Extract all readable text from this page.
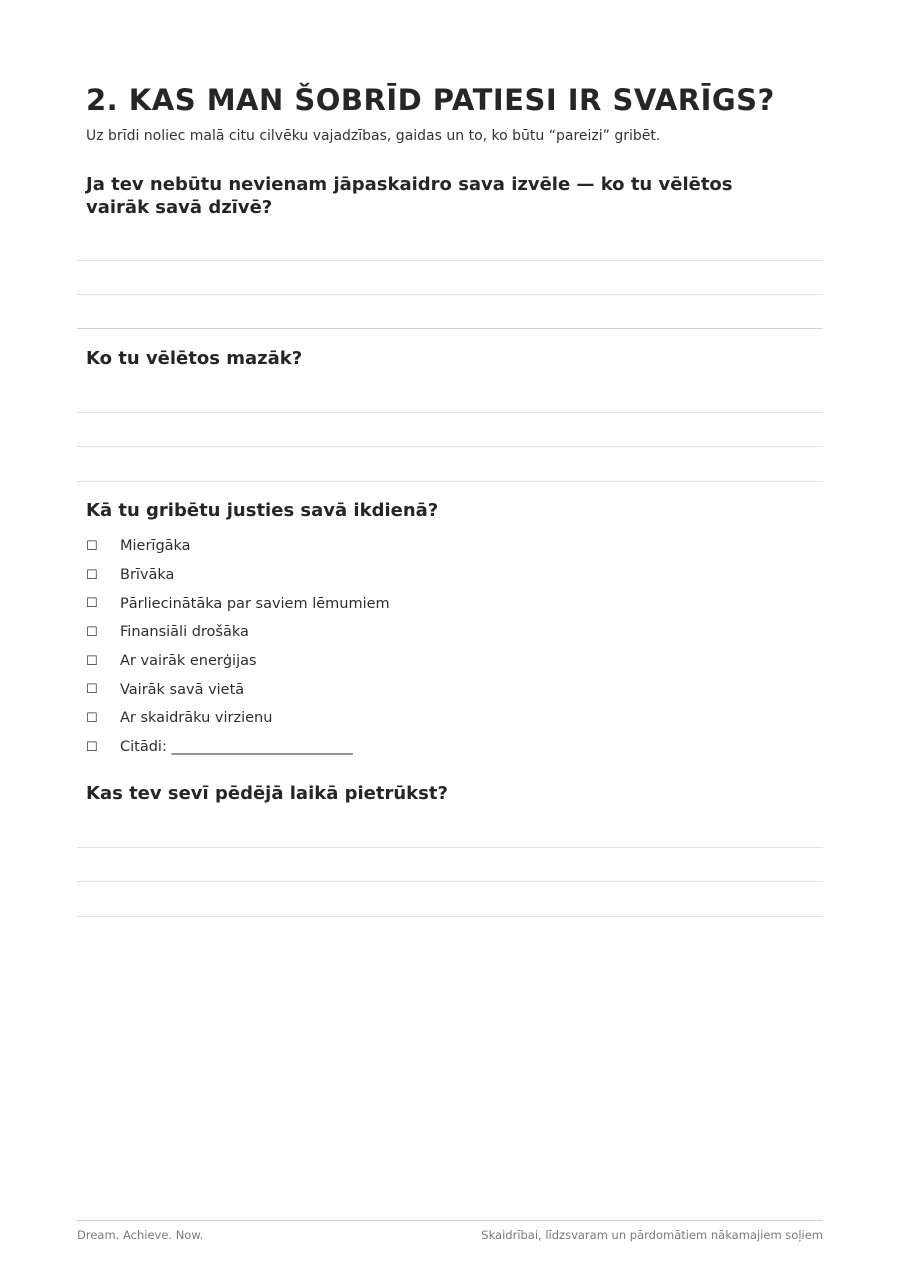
2. KAS MAN ŠOBRĪD PATIESI IR SVARĪGS?

Uz brīdi noliec malā citu cilvēku vajadzības, gaidas un to, ko būtu “pareizi” gribēt.

Ja tev nebūtu nevienam jāpaskaidro sava izvēle — ko tu vēlētos vairāk savā dzīvē?
Ko tu vēlētos mazāk?
Kā tu gribētu justies savā ikdienā?
☐	Mierīgāka
☐	Brīvāka
☐	Pārliecinātāka par saviem lēmumiem
☐	Finansiāli drošāka
☐	Ar vairāk enerģijas
☐	Vairāk savā vietā
☐	Ar skaidrāku virzienu
☐	Citādi: _________________________
Kas tev sevī pēdējā laikā pietrūkst?
Dream. Achieve. Now.	Skaidrībai, līdzsvaram un pārdomātiem nākamajiem soļiem
